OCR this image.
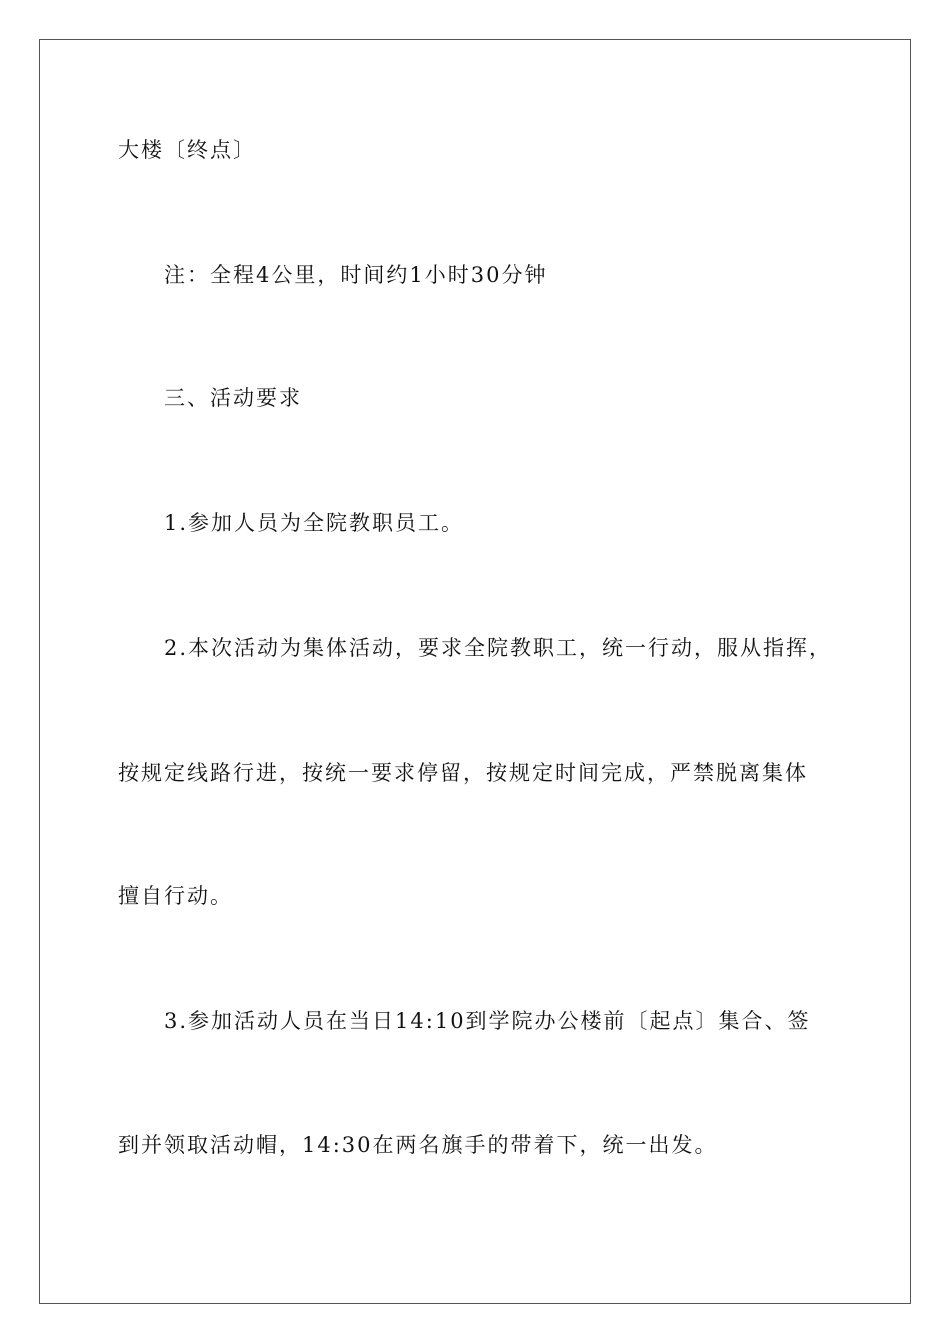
大楼〔终点〕
注：全程4公里，时间约1小时30分钟
三、活动要求
1.参加人员为全院教职员工。
2.本次活动为集体活动，要求全院教职工，统一行动，服从指挥，
按规定线路行进，按统一要求停留，按规定时间完成，严禁脱离集体
擅自行动。
3.参加活动人员在当日14:10到学院办公楼前〔起点〕集合、签
到并领取活动帽，14:30在两名旗手的带着下，统一出发。
